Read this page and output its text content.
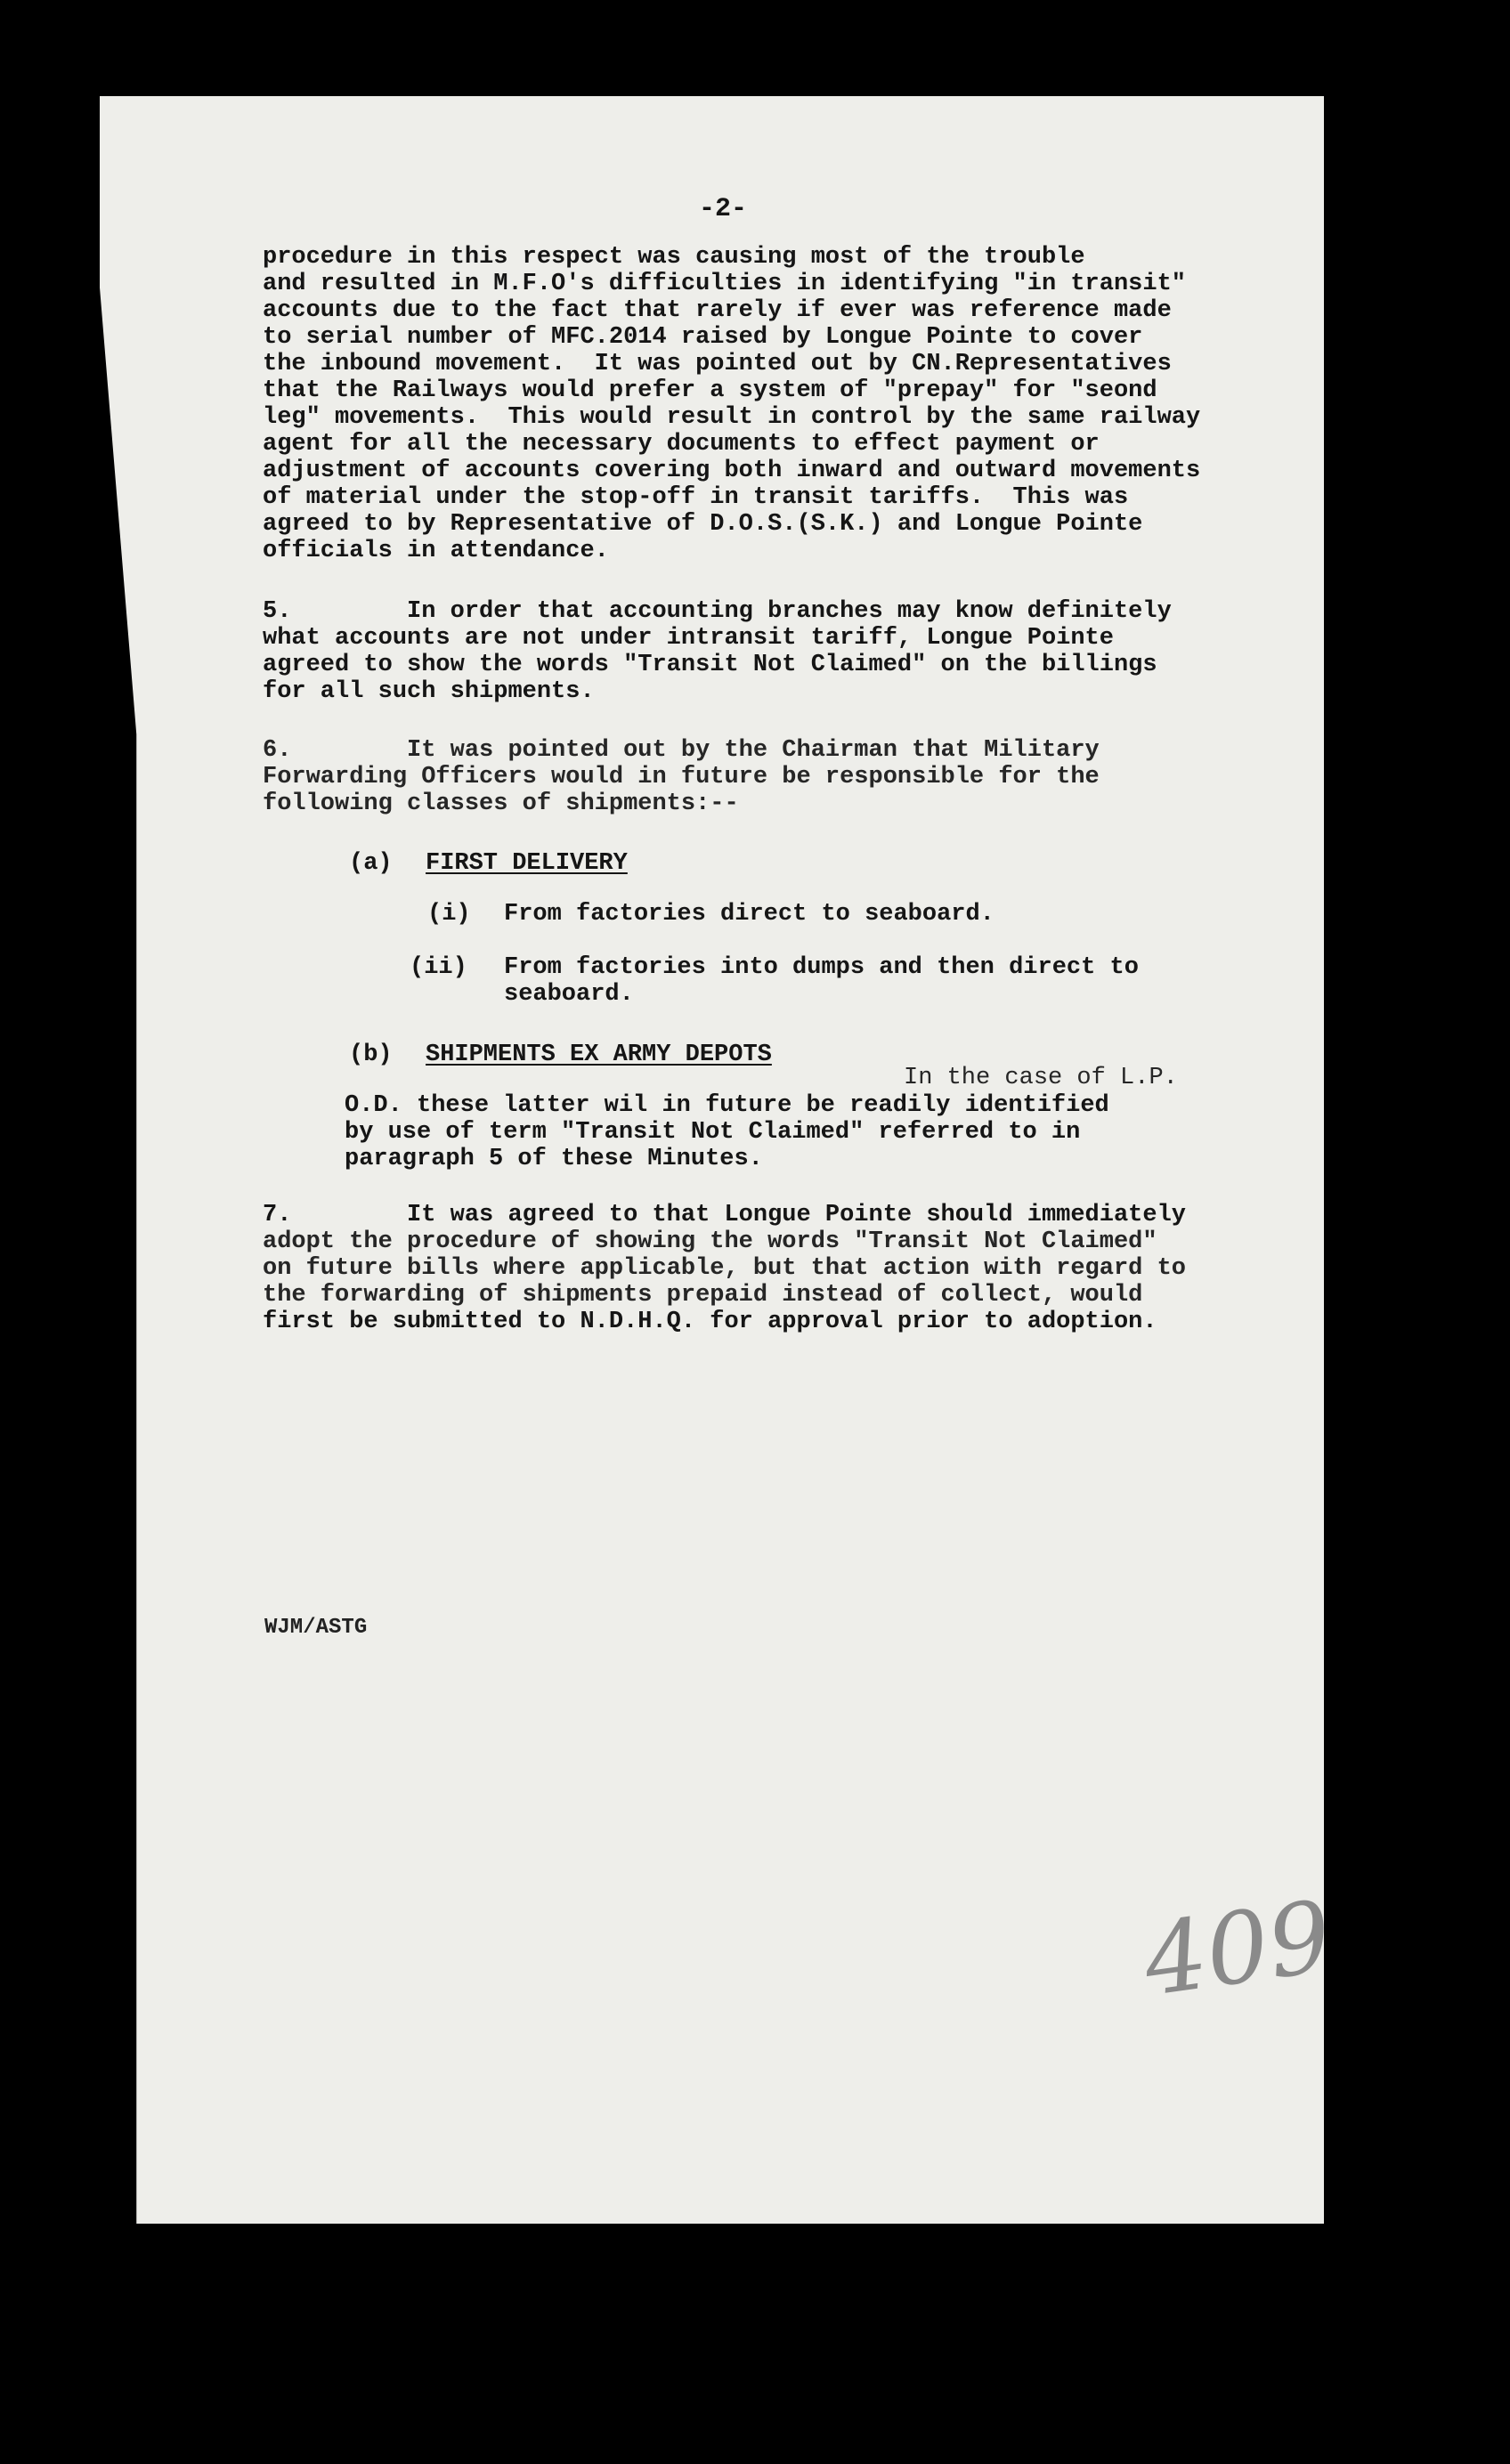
-2-

procedure in this respect was causing most of the trouble

and resulted in M.F.O's difficulties in identifying "in transit"

accounts due to the fact that rarely if ever was reference made

to serial number of MFC.2014 raised by Longue Pointe to cover

the inbound movement.  It was pointed out by CN.Representatives

that the Railways would prefer a system of "prepay" for "seond

leg" movements.  This would result in control by the same railway

agent for all the necessary documents to effect payment or

adjustment of accounts covering both inward and outward movements

of material under the stop-off in transit tariffs.  This was

agreed to by Representative of D.O.S.(S.K.) and Longue Pointe

officials in attendance.

5.        In order that accounting branches may know definitely

what accounts are not under intransit tariff, Longue Pointe

agreed to show the words "Transit Not Claimed" on the billings

for all such shipments.

6.        It was pointed out by the Chairman that Military

Forwarding Officers would in future be responsible for the

following classes of shipments:--

(a) FIRST DELIVERY

(i) From factories direct to seaboard.

(ii) From factories into dumps and then direct to

seaboard.

(b) SHIPMENTS EX ARMY DEPOTS

In the case of L.P.

O.D. these latter wil in future be readily identified

by use of term "Transit Not Claimed" referred to in

paragraph 5 of these Minutes.

7.        It was agreed to that Longue Pointe should immediately

adopt the procedure of showing the words "Transit Not Claimed"

on future bills where applicable, but that action with regard to

the forwarding of shipments prepaid instead of collect, would

first be submitted to N.D.H.Q. for approval prior to adoption.

WJM/ASTG
409
